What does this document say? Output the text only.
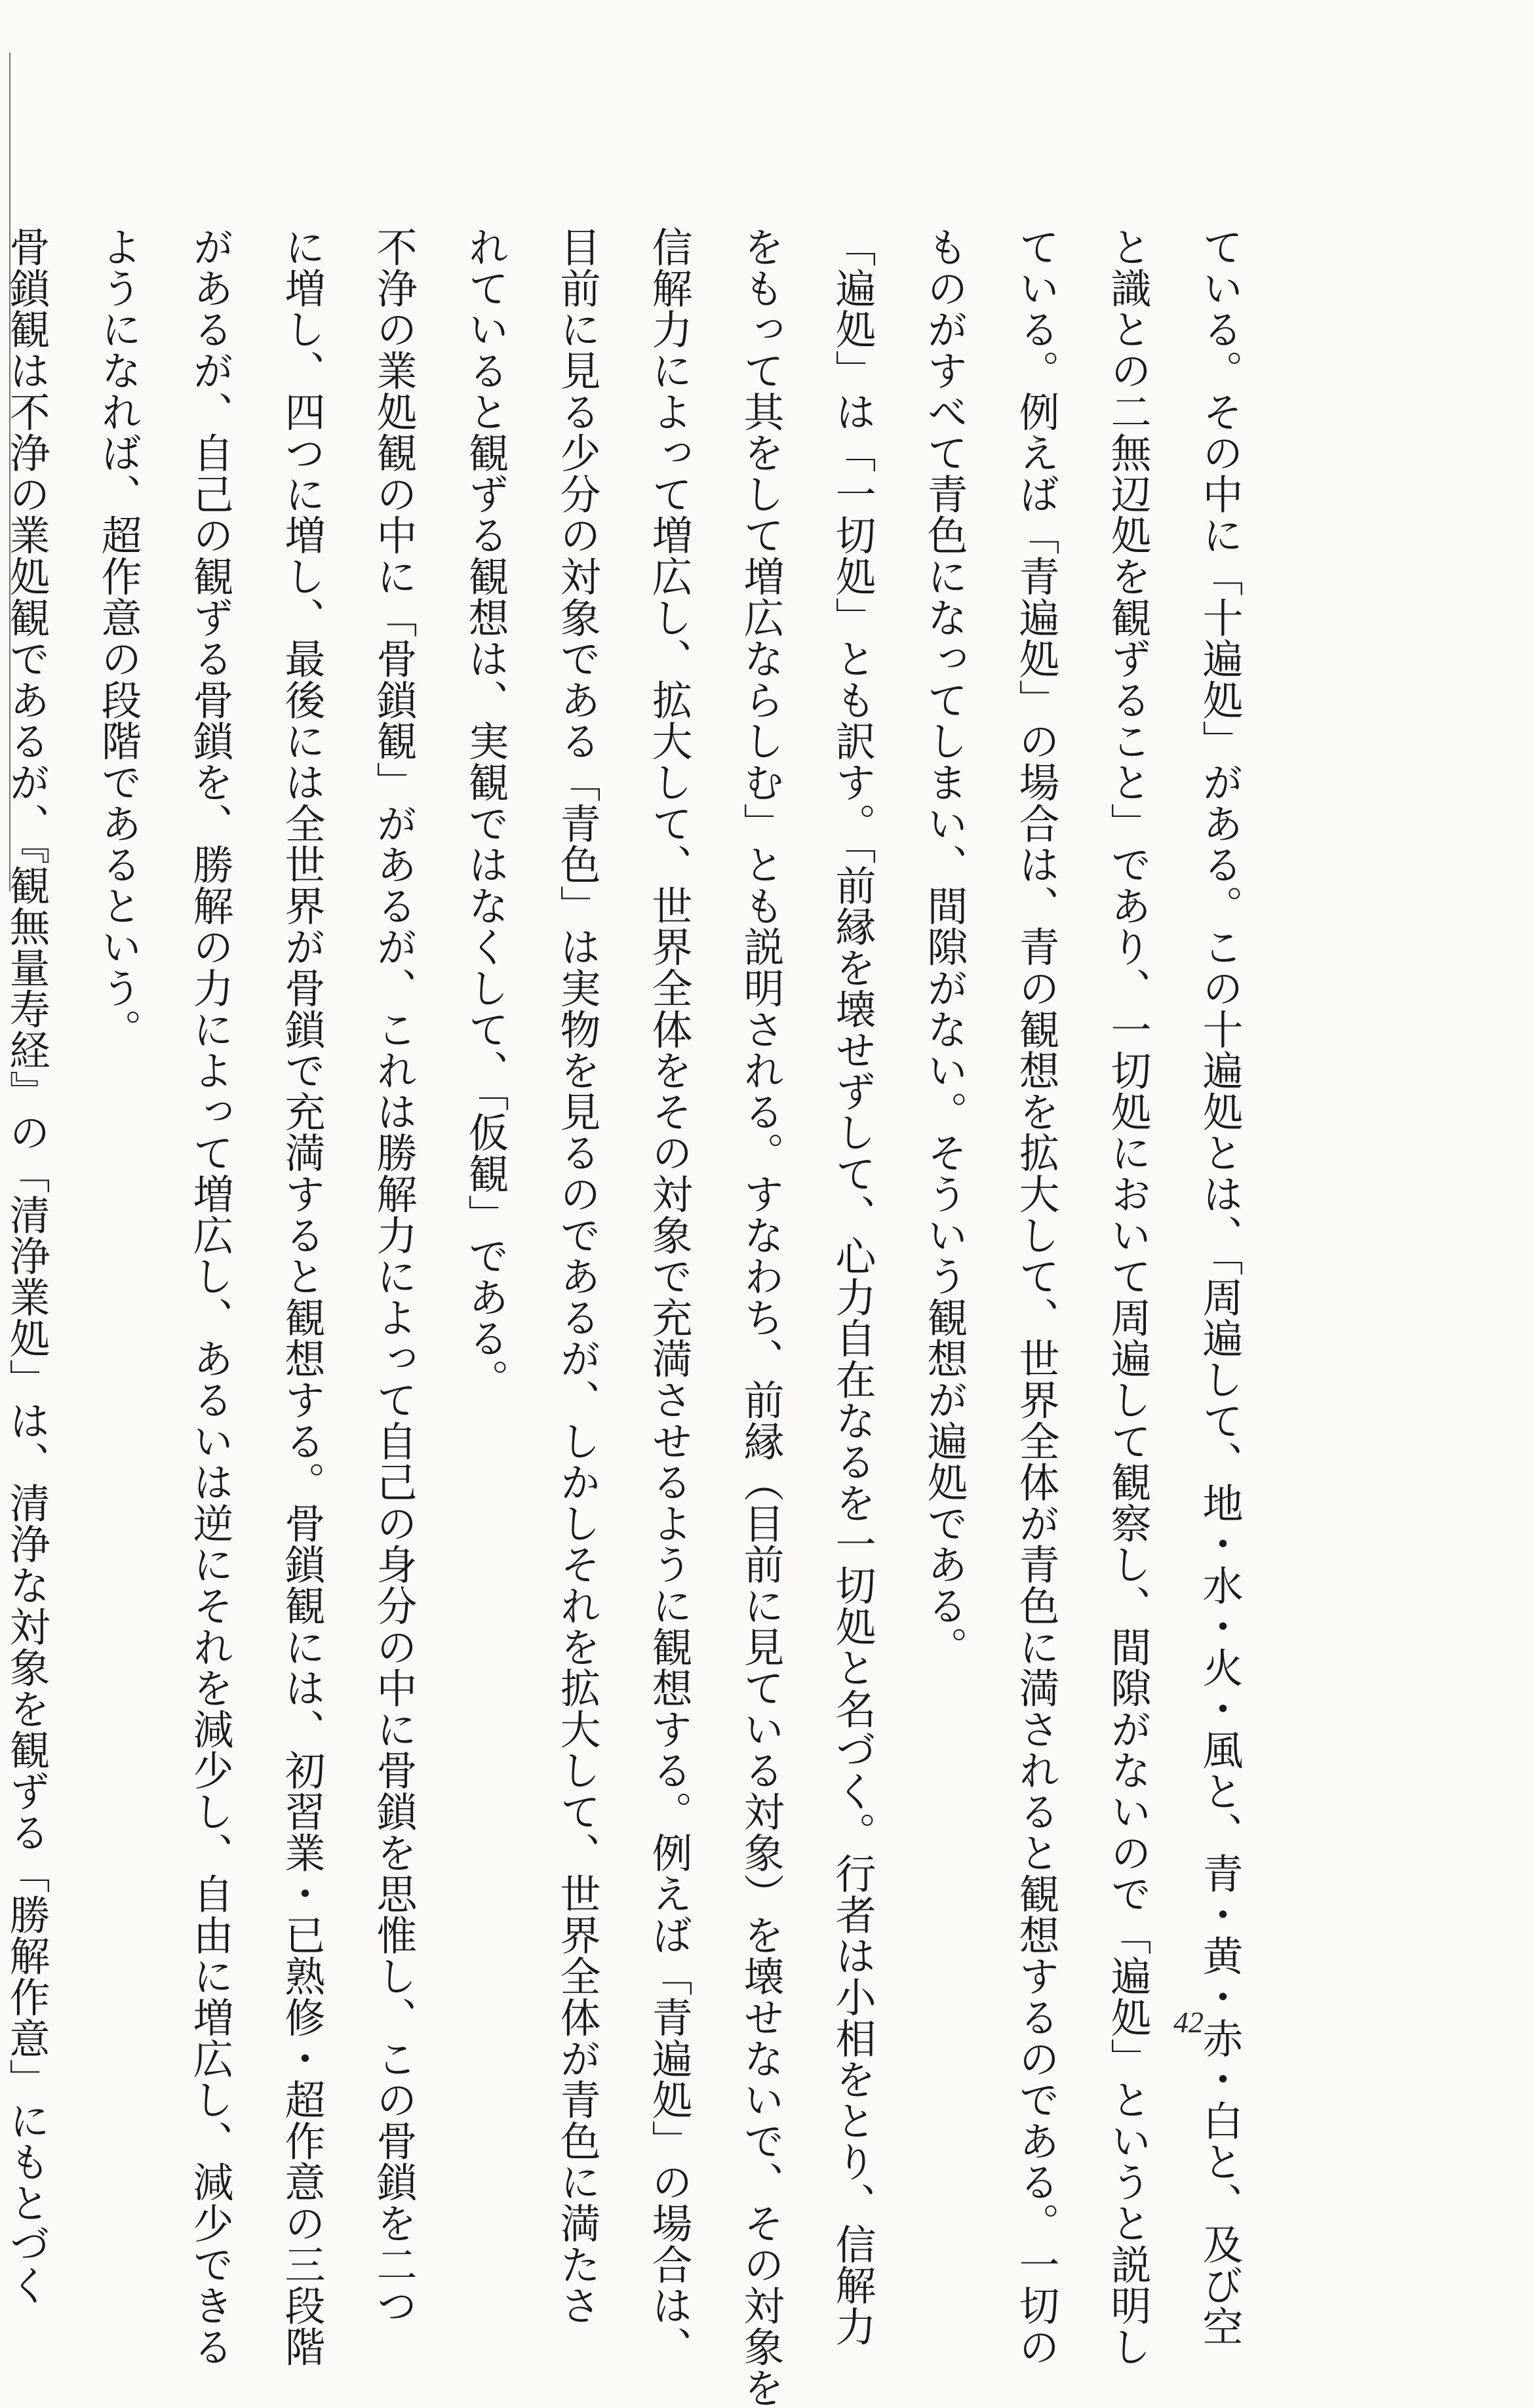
ている。その中に「十遍処」がある。この十遍処とは、「周遍して、地・水・火・風と、青・黄・赤・白と、及び空

と識との二無辺処を観ずること」であり、一切処において周遍して観察し、間隙がないので「遍処」というと説明し

ている。例えば「青遍処」の場合は、青の観想を拡大して、世界全体が青色に満されると観想するのである。一切の

ものがすべて青色になってしまい、間隙がない。そういう観想が遍処である。

「遍処」は「一切処」とも訳す。「前縁を壊せずして、心力自在なるを一切処と名づく。行者は小相をとり、信解力

をもって其をして増広ならしむ」とも説明される。すなわち、前縁（目前に見ている対象）を壊せないで、その対象を

信解力によって増広し、拡大して、世界全体をその対象で充満させるように観想する。例えば「青遍処」の場合は、

目前に見る少分の対象である「青色」は実物を見るのであるが、しかしそれを拡大して、世界全体が青色に満たさ

れていると観ずる観想は、実観ではなくして、「仮観」である。

不浄の業処観の中に「骨鎖観」があるが、これは勝解力によって自己の身分の中に骨鎖を思惟し、この骨鎖を二つ

に増し、四つに増し、最後には全世界が骨鎖で充満すると観想する。骨鎖観には、初習業・已熟修・超作意の三段階

があるが、自己の観ずる骨鎖を、勝解の力によって増広し、あるいは逆にそれを減少し、自由に増広し、減少できる

ようになれば、超作意の段階であるという。

骨鎖観は不浄の業処観であるが、『観無量寿経』の「清浄業処」は、清浄な対象を観ずる「勝解作意」にもとづく	42
